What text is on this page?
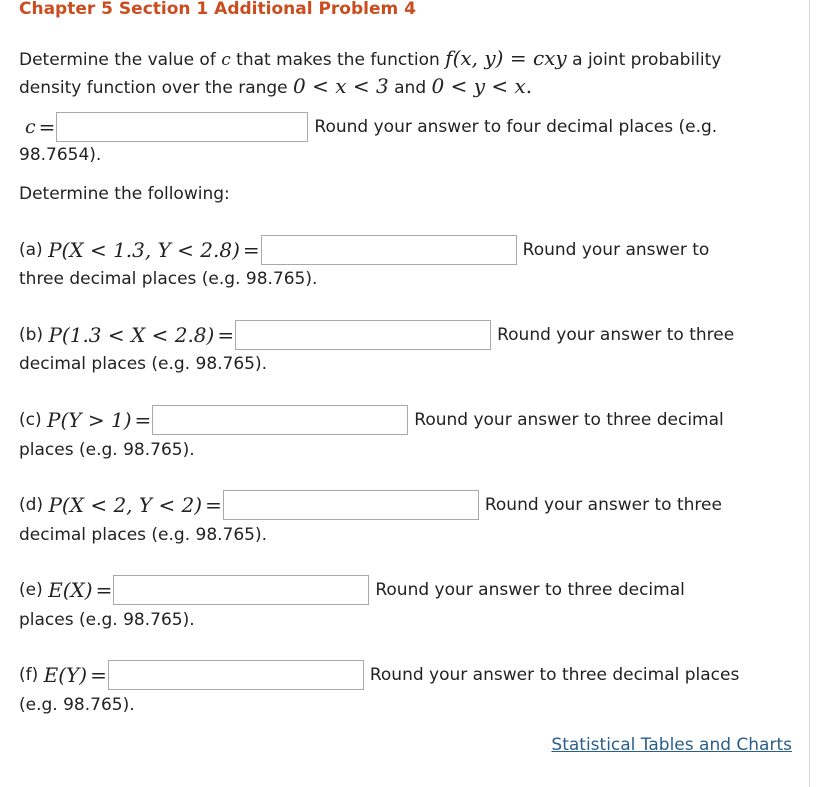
Chapter 5 Section 1 Additional Problem 4
Determine the value of c that makes the function f(x, y) = cxy a joint probability
density function over the range 0 < x < 3 and 0 < y < x.
c =	Round your answer to four decimal places (e.g.
98.7654).
Determine the following:
(a)
P(X < 1.3, Y < 2.8) =	Round your answer to
three decimal places (e.g. 98.765).
(b)
P(1.3 < X < 2.8) =	Round your answer to three
decimal places (e.g. 98.765).
(c)
P(Y > 1) =	Round your answer to three decimal
places (e.g. 98.765).
(d)
P(X < 2, Y < 2) =	Round your answer to three
decimal places (e.g. 98.765).
(e)
E(X) =	Round your answer to three decimal
places (e.g. 98.765).
(f)
E(Y) =	Round your answer to three decimal places
(e.g. 98.765).
Statistical Tables and Charts
